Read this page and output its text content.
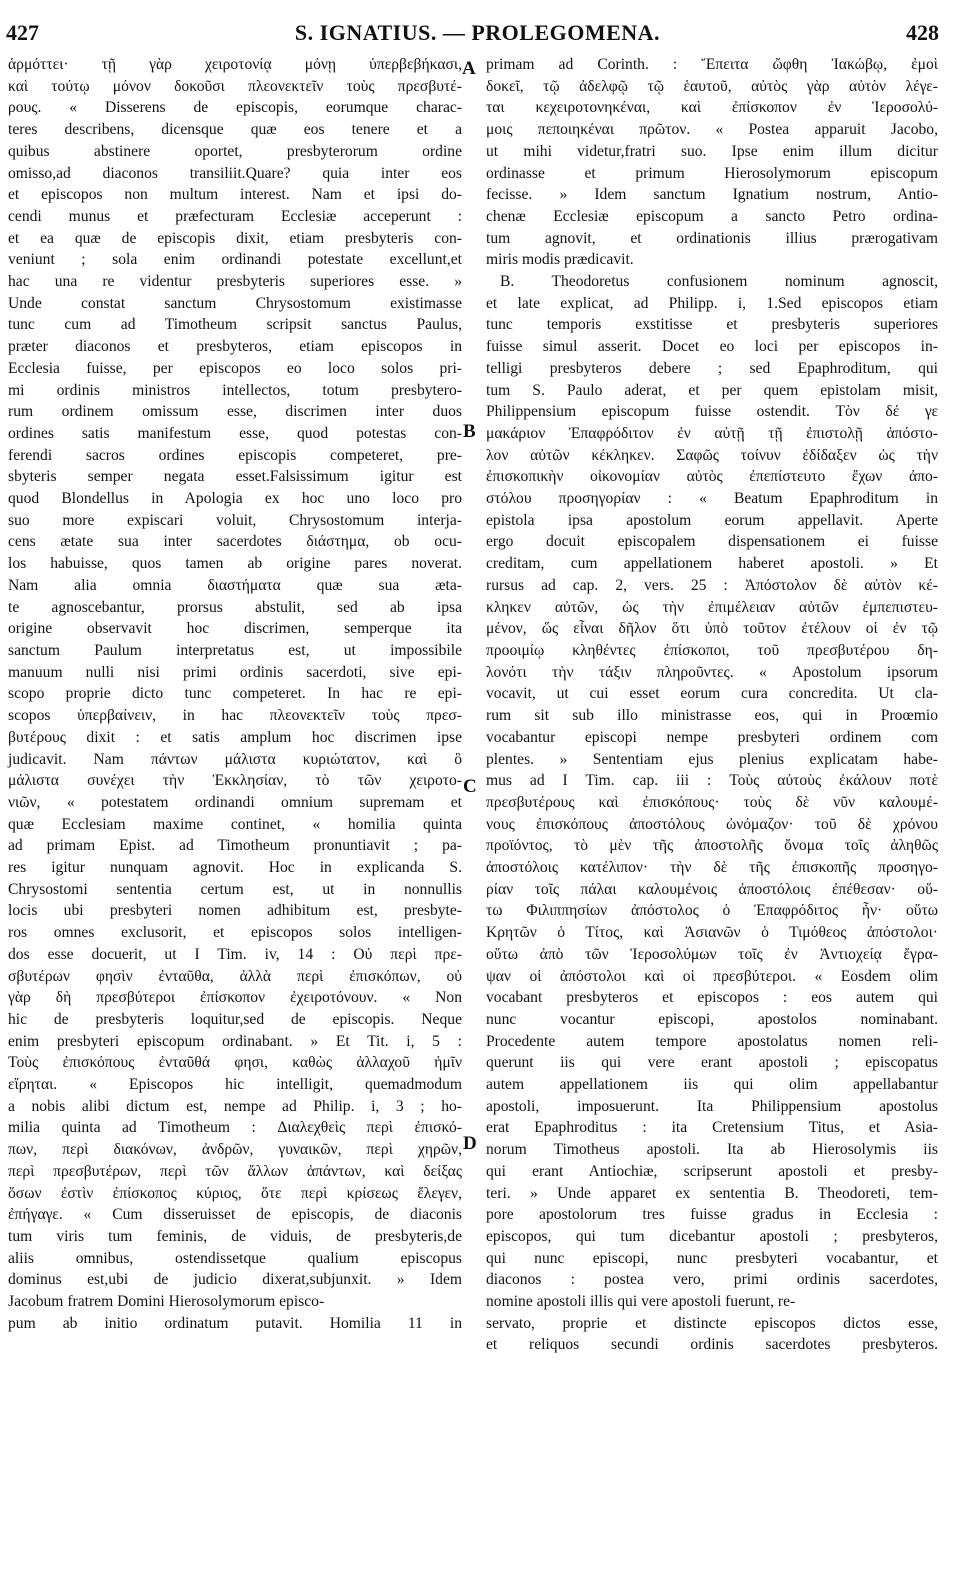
427	S. IGNATIUS. — PROLEGOMENA.	428
ἁρμόττει· τῇ γὰρ χειροτονίᾳ μόνῃ ὑπερβεβήκασι,
καὶ τούτῳ μόνον δοκοῦσι πλεονεκτεῖν τοὺς πρεσβυτέ-
ρους. « Disserens de episcopis, eorumque charac-
teres describens, dicensque quæ eos tenere et a
quibus abstinere oportet, presbyterorum ordine
omisso,ad diaconos transiliit.Quare? quia inter eos
et episcopos non multum interest. Nam et ipsi do-
cendi munus et præfecturam Ecclesiæ acceperunt :
et ea quæ de episcopis dixit, etiam presbyteris con-
veniunt ; sola enim ordinandi potestate excellunt,et
hac una re videntur presbyteris superiores esse. »
Unde constat sanctum Chrysostomum existimasse
tunc cum ad Timotheum scripsit sanctus Paulus,
præter diaconos et presbyteros, etiam episcopos in
Ecclesia fuisse, per episcopos eo loco solos pri-
mi ordinis ministros intellectos, totum presbytero-
rum ordinem omissum esse, discrimen inter duos
ordines satis manifestum esse, quod potestas con-
ferendi sacros ordines episcopis competeret, pre-
sbyteris semper negata esset.Falsissimum igitur est
quod Blondellus in Apologia ex hoc uno loco pro
suo more expiscari voluit, Chrysostomum interja-
cens ætate sua inter sacerdotes διάστημα, ob ocu-
los habuisse, quos tamen ab origine pares noverat.
Nam alia omnia διαστήματα quæ sua æta-
te agnoscebantur, prorsus abstulit, sed ab ipsa
origine observavit hoc discrimen, semperque ita
sanctum Paulum interpretatus est, ut impossibile
manuum nulli nisi primi ordinis sacerdoti, sive epi-
scopo proprie dicto tunc competeret. In hac re epi-
scopos ὑπερβαίνειν, in hac πλεονεκτεῖν τοὺς πρεσ-
βυτέρους dixit : et satis amplum hoc discrimen ipse
judicavit. Nam πάντων μάλιστα κυριώτατον, καὶ ὃ
μάλιστα συνέχει τὴν Ἐκκλησίαν, τὸ τῶν χειροτο-
νιῶν, « potestatem ordinandi omnium supremam et
quæ Ecclesiam maxime continet, « homilia quinta
ad primam Epist. ad Timotheum pronuntiavit ; pa-
res igitur nunquam agnovit. Hoc in explicanda S.
Chrysostomi sententia certum est, ut in nonnullis
locis ubi presbyteri nomen adhibitum est, presbyte-
ros omnes exclusorit, et episcopos solos intelligen-
dos esse docuerit, ut I Tim. iv, 14 : Οὐ περὶ πρε-
σβυτέρων φησὶν ἐνταῦθα, ἀλλὰ περὶ ἐπισκόπων, οὐ
γὰρ δὴ πρεσβύτεροι ἐπίσκοπον ἐχειροτόνουν. « Non
hic de presbyteris loquitur,sed de episcopis. Neque
enim presbyteri episcopum ordinabant. » Et Tit. i, 5 :
Τοὺς ἐπισκόπους ἐνταῦθά φησι, καθὼς ἀλλαχοῦ ἡμῖν
εἴρηται. « Episcopos hic intelligit, quemadmodum
a nobis alibi dictum est, nempe ad Philip. i, 3 ; ho-
milia quinta ad Timotheum : Διαλεχθεὶς περὶ ἐπισκό-
πων, περὶ διακόνων, ἀνδρῶν, γυναικῶν, περὶ χηρῶν,
περὶ πρεσβυτέρων, περὶ τῶν ἄλλων ἁπάντων, καὶ δείξας
ὅσων ἐστὶν ἐπίσκοπος κύριος, ὅτε περὶ κρίσεως ἔλεγεν,
ἐπήγαγε. « Cum disseruisset de episcopis, de diaconis
tum viris tum feminis, de viduis, de presbyteris,de
aliis omnibus, ostendissetque qualium episcopus
dominus est,ubi de judicio dixerat,subjunxit. » Idem
Jacobum fratrem Domini Hierosolymorum episco-
pum ab initio ordinatum putavit. Homilia 11 in
primam ad Corinth. : Ἔπειτα ὤφθη Ἰακώβῳ, ἐμοὶ
δοκεῖ, τῷ ἀδελφῷ τῷ ἑαυτοῦ, αὐτὸς γὰρ αὐτὸν λέγε-
ται κεχειροτονηκέναι, καὶ ἐπίσκοπον ἐν Ἱεροσολύ-
μοις πεποιηκέναι πρῶτον. « Postea apparuit Jacobo,
ut mihi videtur,fratri suo. Ipse enim illum dicitur
ordinasse et primum Hierosolymorum episcopum
fecisse. » Idem sanctum Ignatium nostrum, Antio-
chenæ Ecclesiæ episcopum a sancto Petro ordina-
tum agnovit, et ordinationis illius prærogativam
miris modis prædicavit.
B. Theodoretus confusionem nominum agnoscit,
et late explicat, ad Philipp. i, 1.Sed episcopos etiam
tunc temporis exstitisse et presbyteris superiores
fuisse simul asserit. Docet eo loci per episcopos in-
telligi presbyteros debere ; sed Epaphroditum, qui
tum S. Paulo aderat, et per quem epistolam misit,
Philippensium episcopum fuisse ostendit. Τὸν δέ γε
μακάριον Ἐπαφρόδιτον ἐν αὐτῇ τῇ ἐπιστολῇ ἀπόστο-
λον αὐτῶν κέκληκεν. Σαφῶς τοίνυν ἐδίδαξεν ὡς τὴν
ἐπισκοπικὴν οἰκονομίαν αὐτὸς ἐπεπίστευτο ἔχων ἀπο-
στόλου προσηγορίαν : « Beatum Epaphroditum in
epistola ipsa apostolum eorum appellavit. Aperte
ergo docuit episcopalem dispensationem ei fuisse
creditam, cum appellationem haberet apostoli. » Et
rursus ad cap. 2, vers. 25 : Ἀπόστολον δὲ αὐτὸν κέ-
κληκεν αὐτῶν, ὡς τὴν ἐπιμέλειαν αὐτῶν ἐμπεπιστευ-
μένον, ὥς εἶναι δῆλον ὅτι ὑπὸ τοῦτον ἐτέλουν οἱ ἐν τῷ
προοιμίῳ κληθέντες ἐπίσκοποι, τοῦ πρεσβυτέρου δη-
λονότι τὴν τάξιν πληροῦντες. « Apostolum ipsorum
vocavit, ut cui esset eorum cura concredita. Ut cla-
rum sit sub illo ministrasse eos, qui in Proœmio
vocabantur episcopi nempe presbyteri ordinem com
plentes. » Sententiam ejus plenius explicatam habe-
mus ad I Tim. cap. iii : Τοὺς αὐτοὺς ἐκάλουν ποτὲ
πρεσβυτέρους καὶ ἐπισκόπους· τοὺς δὲ νῦν καλουμέ-
νους ἐπισκόπους ἀποστόλους ὠνόμαζον· τοῦ δὲ χρόνου
προϊόντος, τὸ μὲν τῆς ἀποστολῆς ὄνομα τοῖς ἀληθῶς
ἀποστόλοις κατέλιπον· τὴν δὲ τῆς ἐπισκοπῆς προσηγο-
ρίαν τοῖς πάλαι καλουμένοις ἀποστόλοις ἐπέθεσαν· οὕ-
τω Φιλιππησίων ἀπόστολος ὁ Ἐπαφρόδιτος ἦν· οὕτω
Κρητῶν ὁ Τίτος, καὶ Ἀσιανῶν ὁ Τιμόθεος ἀπόστολοι·
οὕτω ἀπὸ τῶν Ἱεροσολύμων τοῖς ἐν Ἀντιοχείᾳ ἔγρα-
ψαν οἱ ἀπόστολοι καὶ οἱ πρεσβύτεροι. « Eosdem olim
vocabant presbyteros et episcopos : eos autem qui
nunc vocantur episcopi, apostolos nominabant.
Procedente autem tempore apostolatus nomen reli-
querunt iis qui vere erant apostoli ; episcopatus
autem appellationem iis qui olim appellabantur
apostoli, imposuerunt. Ita Philippensium apostolus
erat Epaphroditus : ita Cretensium Titus, et Asia-
norum Timotheus apostoli. Ita ab Hierosolymis iis
qui erant Antiochiæ, scripserunt apostoli et presby-
teri. » Unde apparet ex sententia B. Theodoreti, tem-
pore apostolorum tres fuisse gradus in Ecclesia :
episcopos, qui tum dicebantur apostoli ; presbyteros,
qui nunc episcopi, nunc presbyteri vocabantur, et
diaconos : postea vero, primi ordinis sacerdotes,
nomine apostoli illis qui vere apostoli fuerunt, re-
servato, proprie et distincte episcopos dictos esse,
et reliquos secundi ordinis sacerdotes presbyteros.
A
B
C
D
